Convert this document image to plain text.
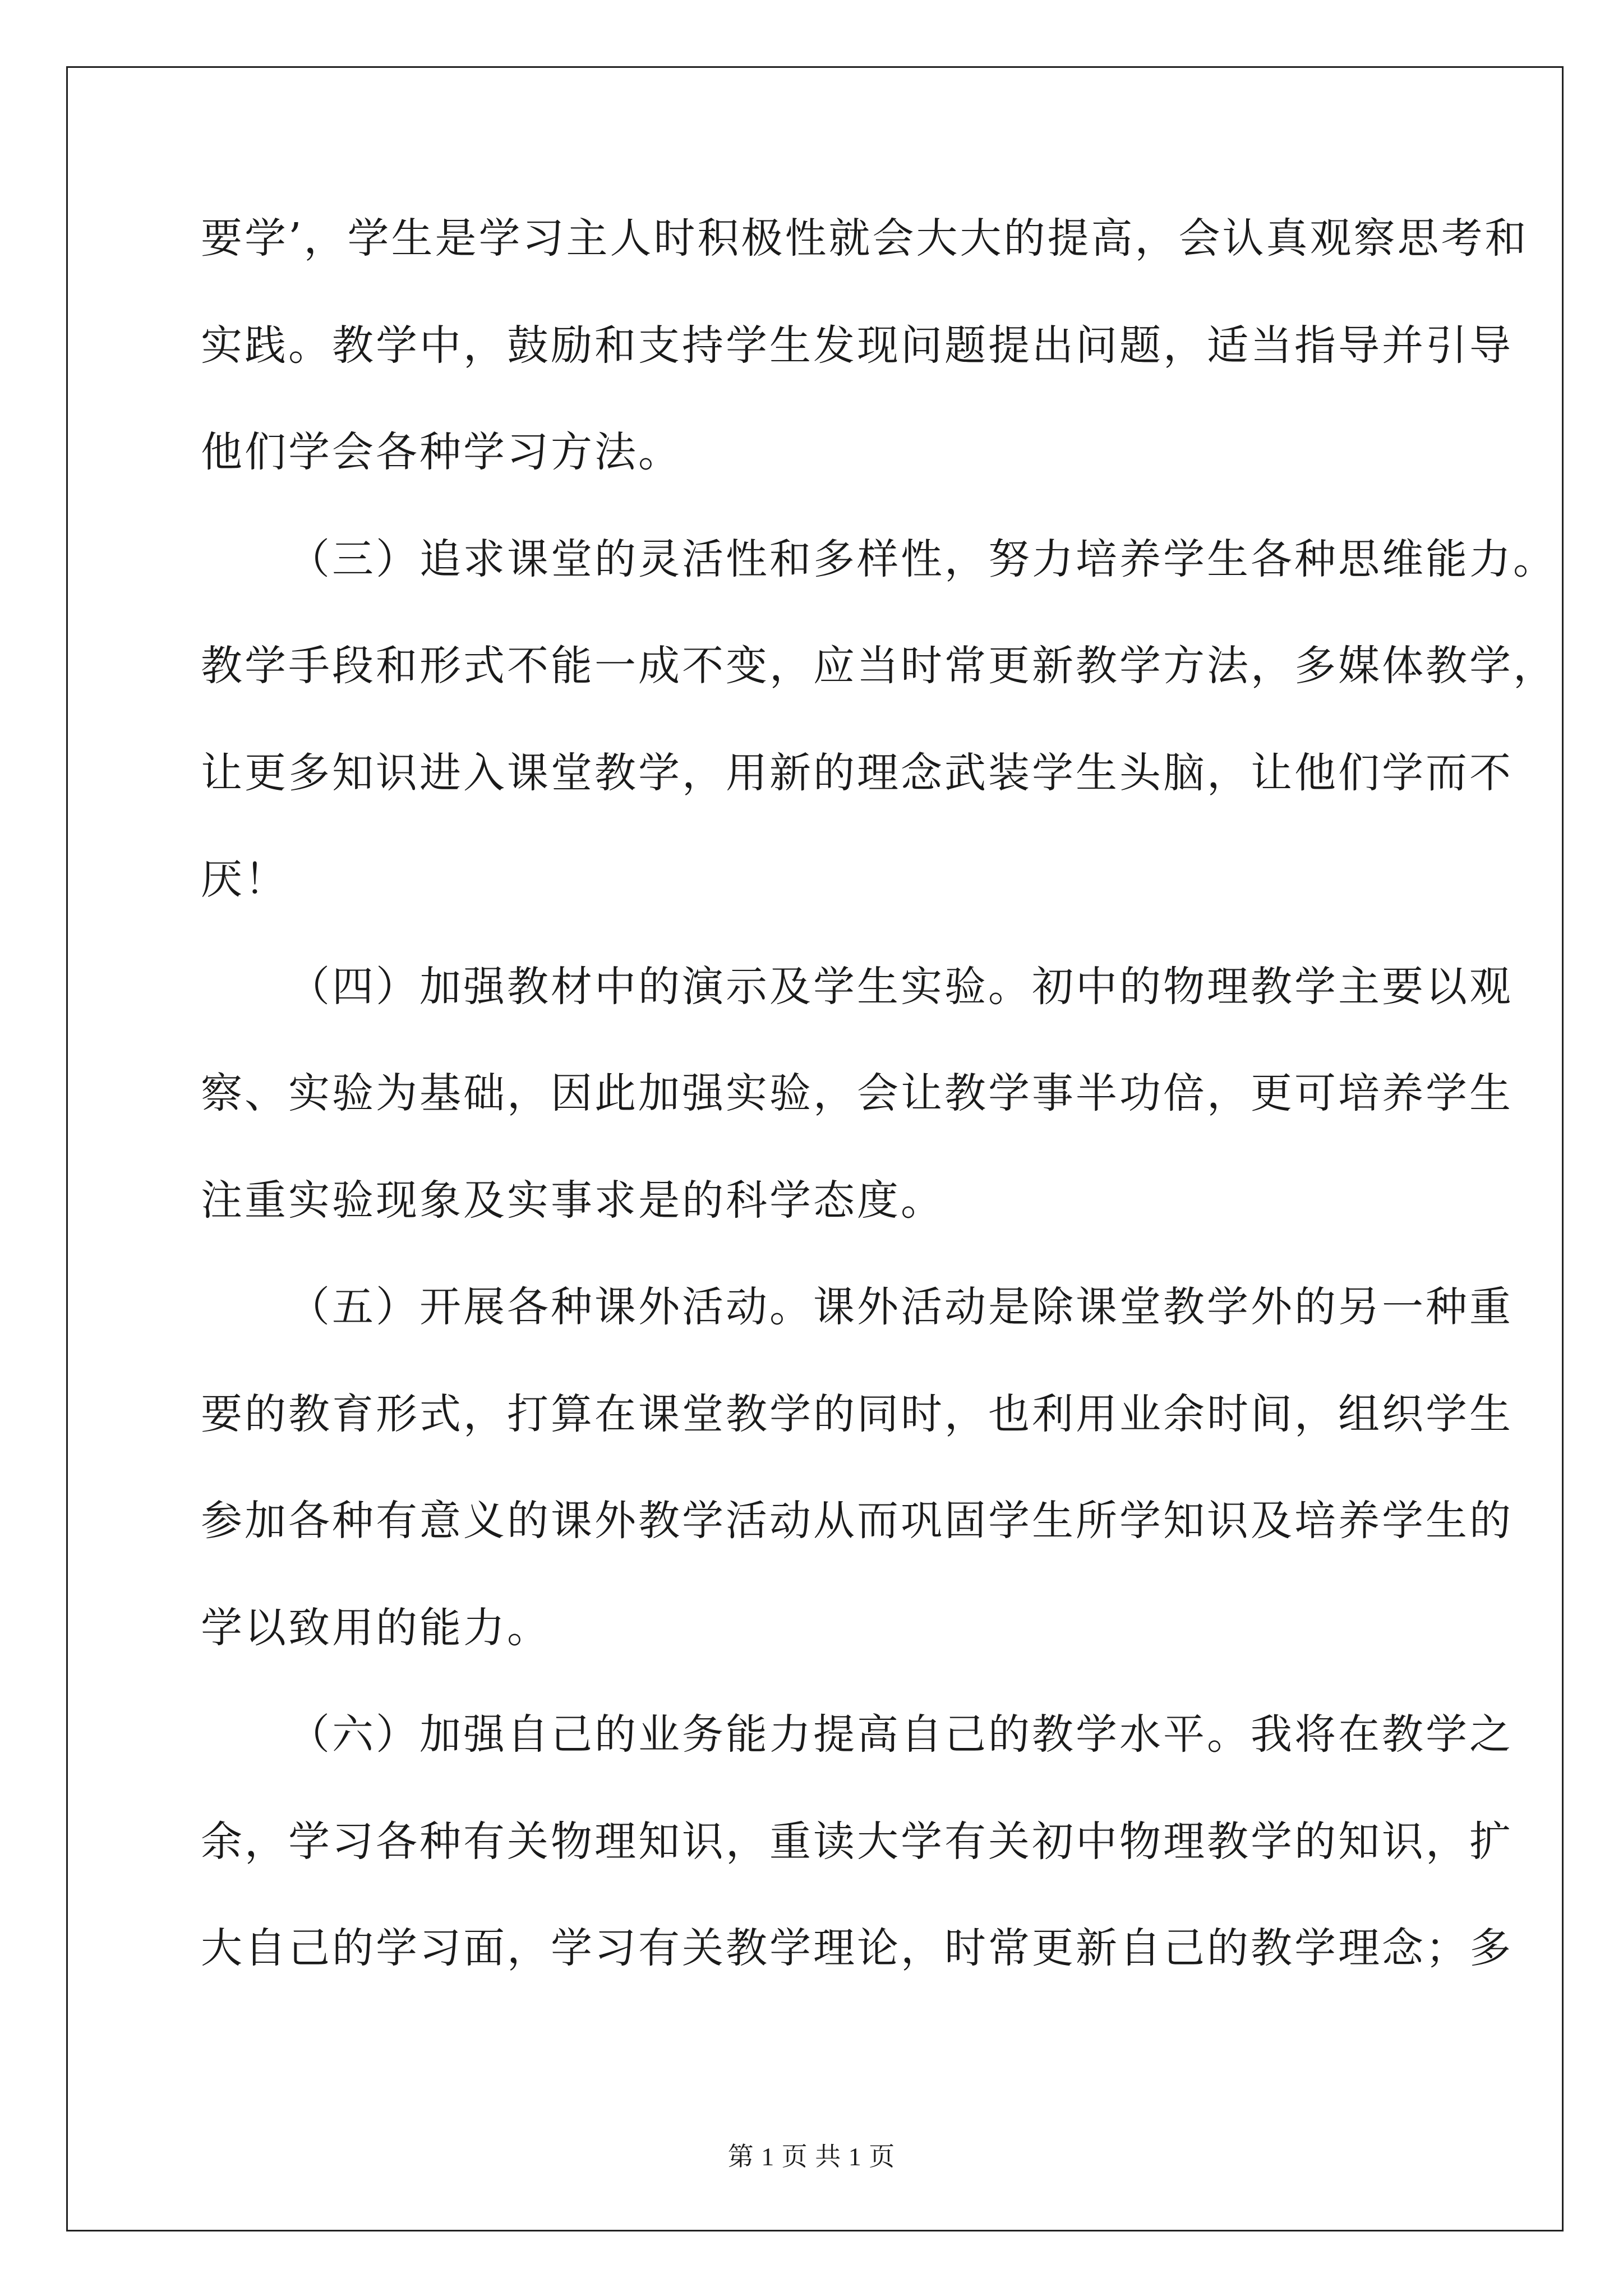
要学’，学生是学习主人时积极性就会大大的提高，会认真观察思考和
实践。教学中，鼓励和支持学生发现问题提出问题，适当指导并引导
他们学会各种学习方法。
（三）追求课堂的灵活性和多样性，努力培养学生各种思维能力。
教学手段和形式不能一成不变，应当时常更新教学方法，多媒体教学，
让更多知识进入课堂教学，用新的理念武装学生头脑，让他们学而不
厌！
（四）加强教材中的演示及学生实验。初中的物理教学主要以观
察、实验为基础，因此加强实验，会让教学事半功倍，更可培养学生
注重实验现象及实事求是的科学态度。
（五）开展各种课外活动。课外活动是除课堂教学外的另一种重
要的教育形式，打算在课堂教学的同时，也利用业余时间，组织学生
参加各种有意义的课外教学活动从而巩固学生所学知识及培养学生的
学以致用的能力。
（六）加强自己的业务能力提高自己的教学水平。我将在教学之
余，学习各种有关物理知识，重读大学有关初中物理教学的知识，扩
大自己的学习面，学习有关教学理论，时常更新自己的教学理念；多
第 1 页 共 1 页
